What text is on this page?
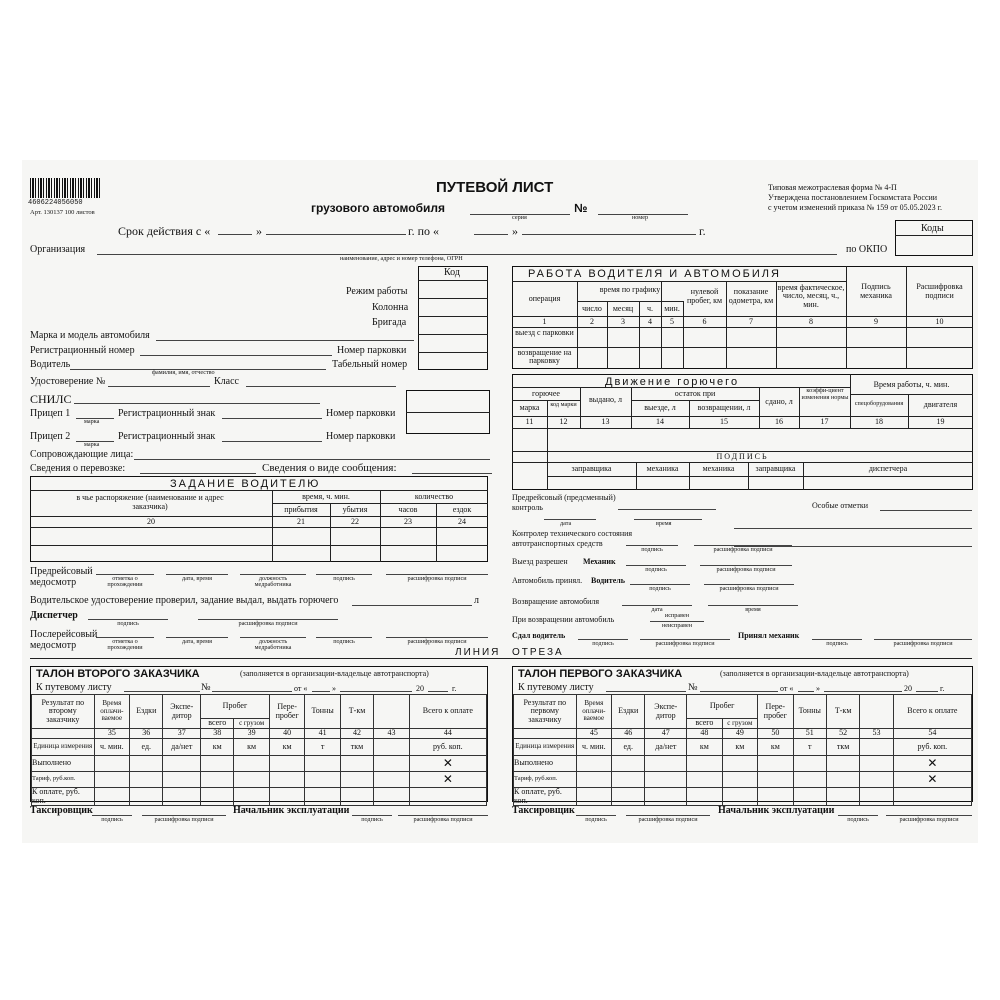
4606224056050
Арт. 130137 100 листов
ПУТЕВОЙ ЛИСТ
грузового автомобиля
серия
№
номер
Типовая межотраслевая форма № 4-П
Утверждена постановлением Госкомстата России
с учетом изменений приказа № 159 от 05.05.2023 г.
Срок действия с «	»	г. по «	»	г.	Коды
по ОКПО
Организация
наименование, адрес и номер телефона, ОГРН
Код
Режим работы
Колонна
Бригада
Марка и модель автомобиля
Регистрационный номер	Номер парковки
Водитель
фамилия, имя, отчество
Табельный номер
Удостоверение №	Класс
СНИЛС
Прицеп 1
марка
Регистрационный знак	Номер парковки
Прицеп 2
марка
Регистрационный знак	Номер парковки
Сопровождающие лица:
Сведения о перевозке:	Сведения о виде сообщения:
ЗАДАНИЕ ВОДИТЕЛЮ
в чье распоряжение (наименование и адрес заказчика)
время, ч. мин.
прибытия	убытия
количество
часов	ездок
20	21	22	23	24
Предрейсовый
медосмотр	отметка о прохождении
дата, время	должность медработника
подпись	расшифровка подписи
Водительское удостоверение проверил, задание выдал, выдать горючего	л
Диспетчер
подпись	расшифровка подписи
Послерейсовый
медосмотр	отметка о прохождении
дата, время	должность медработника
подпись	расшифровка подписи
ЛИНИЯ ОТРЕЗА
РАБОТА ВОДИТЕЛЯ И АВТОМОБИЛЯ
операция
время по графику
число	месяц	ч.	мин.
нулевой пробег, км
показание одометра, км
время фактическое, число, месяц, ч., мин.
Подпись механика
Расшифровка подписи
1	2	3	4	5	6	7	8	9	10
выезд с парковки
возвращение на парковку
Движение горючего
горючее
марка	код марки
выдано, л
остаток при
выезде, л	возвращении, л
сдано, л
коэффи-циент изменения нормы
Время работы, ч. мин.
спецоборудования	двигателя
11	12	13	14	15	16	17	18	19
ПОДПИСЬ
заправщика	механика	механика	заправщика	диспетчера
Предрейсовый (предсменный) контроль
дата	время
Особые отметки
Контролер технического состояния автотранспортных средств
подпись	расшифровка подписи
Выезд разрешен Механик
подпись	расшифровка подписи
Автомобиль принял. Водитель
подпись	расшифровка подписи
Возвращение автомобиля
дата	время
При возвращении автомобиль	исправен
неисправен
Сдал водитель
подпись	расшифровка подписи
Принял механик
подпись	расшифровка подписи
ТАЛОН ВТОРОГО ЗАКАЗЧИКА	(заполняется в организации-владельце автотранспорта)
К путевому листу	№	от «	»	20	г.
Результат по второму заказчику	Время оплачи-ваемое	Ездки	Экспе-дитор	Пробег		Пере-пробег	Тонны	Т-км		Всего к оплате
				всего	с грузом					
	35	36	37	38	39	40	41	42	43	44
Единица измерения	ч. мин.	ед.	да/нет	км	км	км	т	ткм		руб. коп.
Выполнено										✕
Тариф, руб.коп.										✕
К оплате, руб. коп.										
Таксировщик
подпись	расшифровка подписи
Начальник эксплуатации
подпись	расшифровка подписи
ТАЛОН ПЕРВОГО ЗАКАЗЧИКА	(заполняется в организации-владельце автотранспорта)
К путевому листу	№	от «	»	20	г.
Результат по первому заказчику	Время оплачи-ваемое	Ездки	Экспе-дитор	Пробег		Пере-пробег	Тонны	Т-км		Всего к оплате
				всего	с грузом					
	45	46	47	48	49	50	51	52	53	54
Единица измерения	ч. мин.	ед.	да/нет	км	км	км	т	ткм		руб. коп.
Выполнено										✕
Тариф, руб.коп.										✕
К оплате, руб. коп.										
Таксировщик
подпись	расшифровка подписи
Начальник эксплуатации
подпись	расшифровка подписи
